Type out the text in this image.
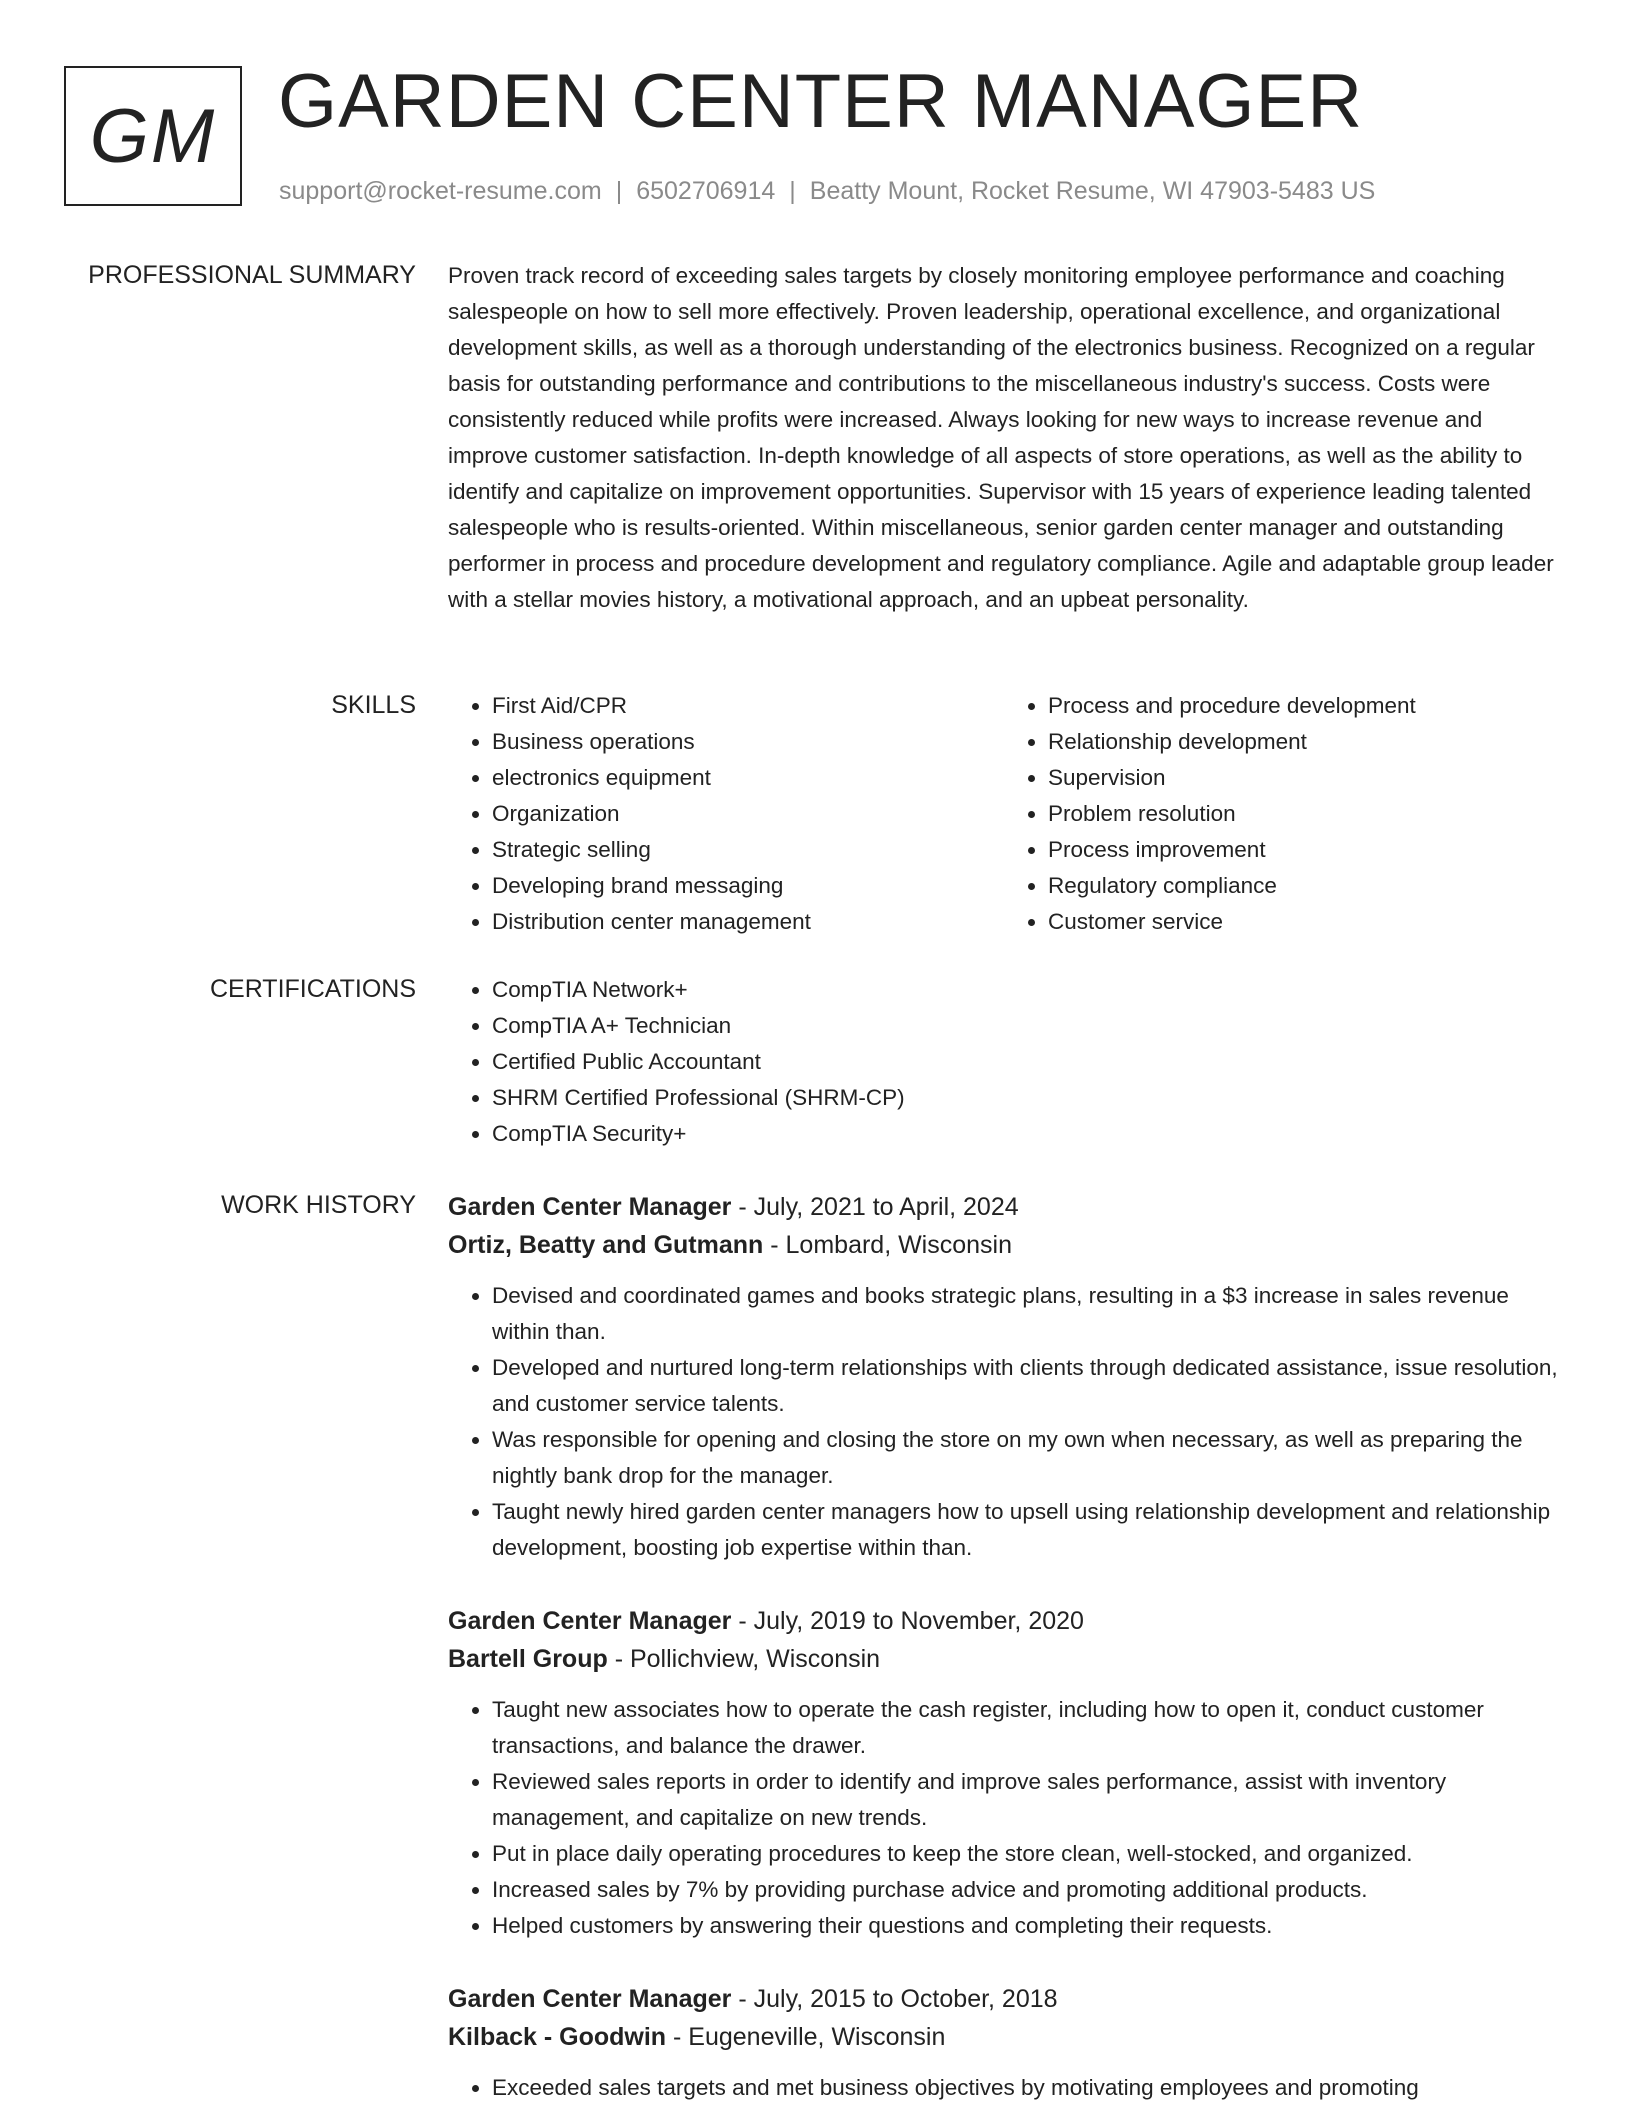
GM GARDEN CENTER MANAGER
support@rocket-resume.com | 6502706914 | Beatty Mount, Rocket Resume, WI 47903-5483 US
PROFESSIONAL SUMMARY Proven track record of exceeding sales targets by closely monitoring employee performance and coaching salespeople on how to sell more effectively. Proven leadership, operational excellence, and organizational development skills, as well as a thorough understanding of the electronics business. Recognized on a regular basis for outstanding performance and contributions to the miscellaneous industry's success. Costs were consistently reduced while profits were increased. Always looking for new ways to increase revenue and improve customer satisfaction. In-depth knowledge of all aspects of store operations, as well as the ability to identify and capitalize on improvement opportunities. Supervisor with 15 years of experience leading talented salespeople who is results-oriented. Within miscellaneous, senior garden center manager and outstanding performer in process and procedure development and regulatory compliance. Agile and adaptable group leader with a stellar movies history, a motivational approach, and an upbeat personality.

SKILLS	• First Aid/CPR
• Business operations
• electronics equipment
• Organization
• Strategic selling
• Developing brand messaging
• Distribution center management
• Process and procedure development
• Relationship development
• Supervision
• Problem resolution
• Process improvement
• Regulatory compliance
• Customer service
CERTIFICATIONS	• CompTIA Network+
• CompTIA A+ Technician
• Certified Public Accountant
• SHRM Certified Professional (SHRM-CP)
• CompTIA Security+
WORK HISTORY Garden Center Manager - July, 2021 to April, 2024
Ortiz, Beatty and Gutmann - Lombard, Wisconsin
• Devised and coordinated games and books strategic plans, resulting in a $3 increase in sales revenue within than.
• Developed and nurtured long-term relationships with clients through dedicated assistance, issue resolution, and customer service talents.
• Was responsible for opening and closing the store on my own when necessary, as well as preparing the nightly bank drop for the manager.
• Taught newly hired garden center managers how to upsell using relationship development and relationship development, boosting job expertise within than.
Garden Center Manager - July, 2019 to November, 2020
Bartell Group - Pollichview, Wisconsin
• Taught new associates how to operate the cash register, including how to open it, conduct customer transactions, and balance the drawer.
• Reviewed sales reports in order to identify and improve sales performance, assist with inventory management, and capitalize on new trends.
• Put in place daily operating procedures to keep the store clean, well-stocked, and organized.
• Increased sales by 7% by providing purchase advice and promoting additional products.
• Helped customers by answering their questions and completing their requests.
Garden Center Manager - July, 2015 to October, 2018
Kilback - Goodwin - Eugeneville, Wisconsin
• Exceeded sales targets and met business objectives by motivating employees and promoting
